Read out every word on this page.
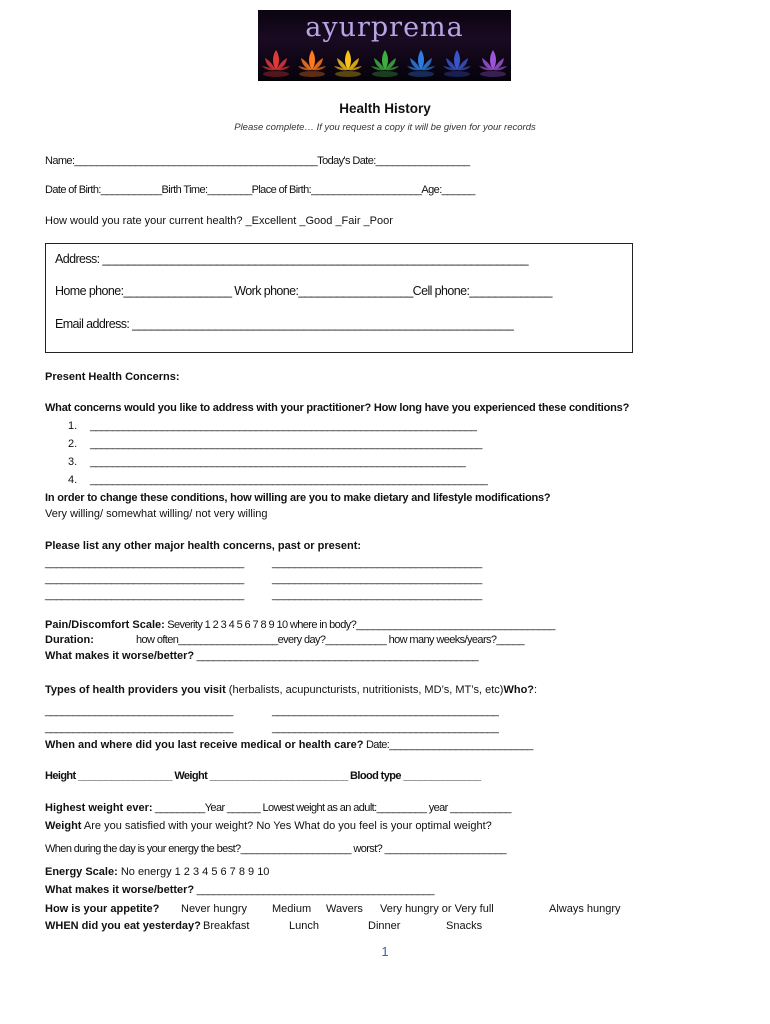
ayurprema
Health History
Please complete… If you request a copy it will be given for your records
Name:____________________________________________Today's Date:_________________
Date of Birth:___________Birth Time:________Place of Birth:____________________Age:______
How would you rate your current health? _Excellent _Good _Fair _Poor
Address: ___________________________________________________________________
Home phone:_________________ Work phone:__________________Cell phone:_____________
Email address: ____________________________________________________________
Present Health Concerns:
What concerns would you like to address with your practitioner? How long have you experienced these conditions?
1. ______________________________________________________________________
2. _______________________________________________________________________
3. ____________________________________________________________________
4. ________________________________________________________________________
In order to change these conditions, how willing are you to make dietary and lifestyle modifications?
Very willing/ somewhat willing/ not very willing
Please list any other major health concerns, past or present:
____________________________________	______________________________________
____________________________________	______________________________________
____________________________________	______________________________________
Pain/Discomfort Scale: Severity 1 2 3 4 5 6 7 8 9 10 where in body?____________________________________
Duration:	how often__________________every day?___________ how many weeks/years?_____
What makes it worse/better? ___________________________________________________
Types of health providers you visit (herbalists, acupuncturists, nutritionists, MD’s, MT’s, etc)Who?:
__________________________________	_________________________________________
__________________________________	_________________________________________
When and where did you last receive medical or health care? Date:__________________________
Height _________________ Weight _________________________ Blood type ______________
Highest weight ever: _________Year ______ Lowest weight as an adult:_________ year ___________
Weight Are you satisfied with your weight? No Yes What do you feel is your optimal weight?
When during the day is your energy the best?____________________ worst? ______________________
Energy Scale: No energy 1 2 3 4 5 6 7 8 9 10
What makes it worse/better? ___________________________________________
How is your appetite? Never hungry Medium Wavers Very hungry or Very full	Always hungry
WHEN did you eat yesterday? Breakfast	Lunch	Dinner	Snacks
1
